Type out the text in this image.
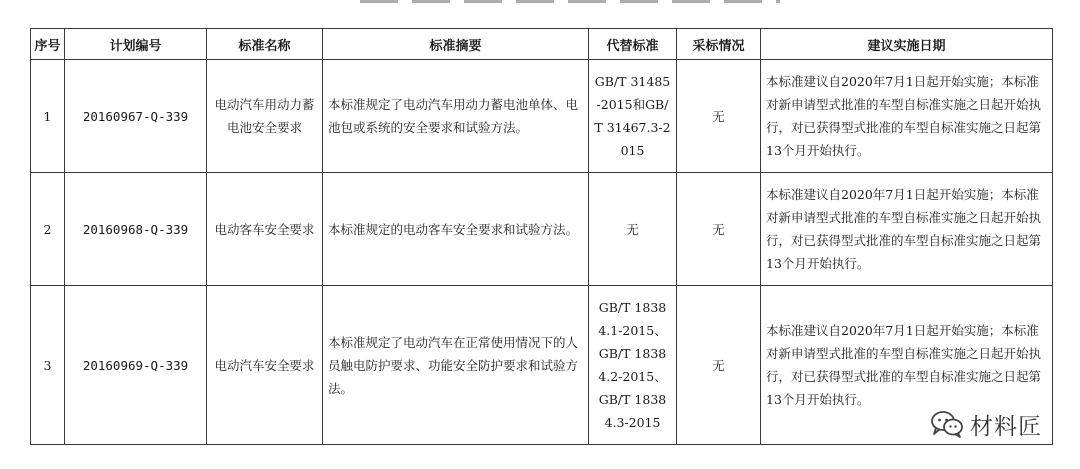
序号	计划编号	标准名称	标准摘要	代替标准	采标情况	建议实施日期
1	20160967-Q-339	电动汽车用动力蓄电池安全要求	本标准规定了电动汽车用动力蓄电池单体、电池包或系统的安全要求和试验方法。	GB/T 31485-2015和GB/T 31467.3-2015	无	本标准建议自2020年7月1日起开始实施；本标准对新申请型式批准的车型自标准实施之日起开始执行，对已获得型式批准的车型自标准实施之日起第13个月开始执行。
2	20160968-Q-339	电动客车安全要求	本标准规定的电动客车安全要求和试验方法。	无	无	本标准建议自2020年7月1日起开始实施；本标准对新申请型式批准的车型自标准实施之日起开始执行，对已获得型式批准的车型自标准实施之日起第13个月开始执行。
3	20160969-Q-339	电动汽车安全要求	本标准规定了电动汽车在正常使用情况下的人员触电防护要求、功能安全防护要求和试验方法。	GB/T 18384.1-2015、GB/T 18384.2-2015、GB/T 18384.3-2015	无	本标准建议自2020年7月1日起开始实施；本标准对新申请型式批准的车型自标准实施之日起开始执行，对已获得型式批准的车型自标准实施之日起第13个月开始执行。
材料匠
